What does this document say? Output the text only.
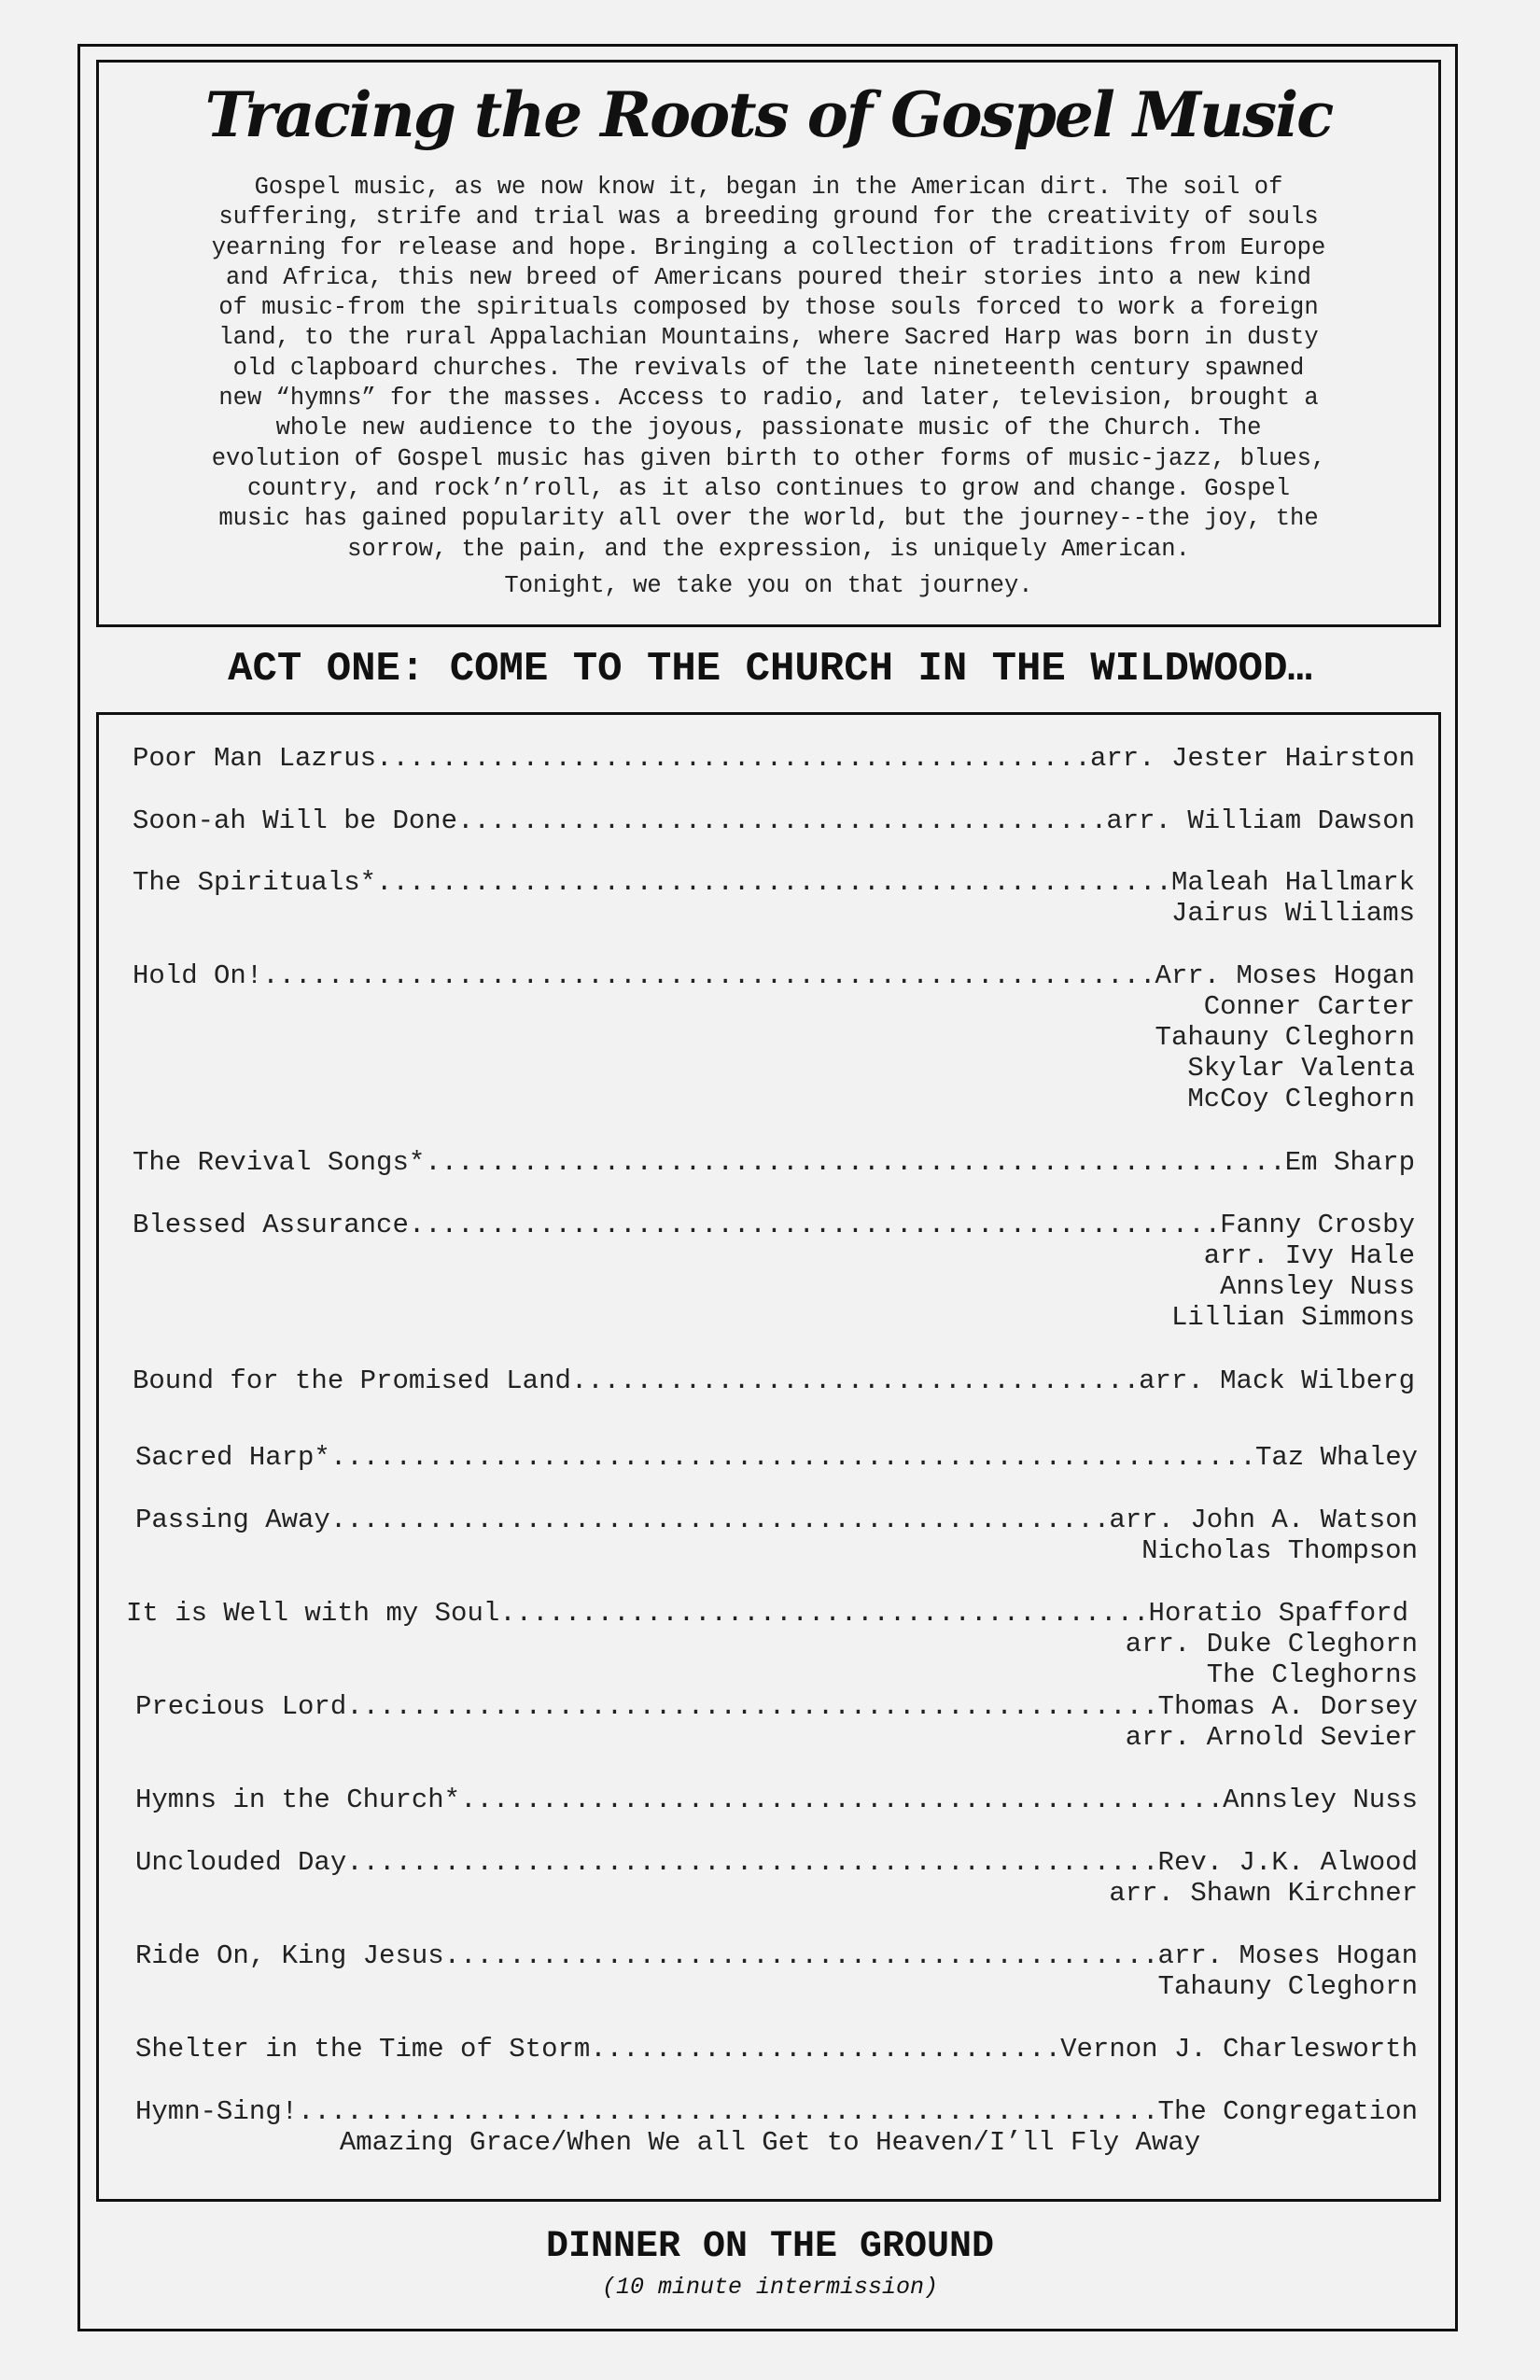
Tracing the Roots of Gospel Music
Gospel music, as we now know it, began in the American dirt. The soil of
suffering, strife and trial was a breeding ground for the creativity of souls
yearning for release and hope. Bringing a collection of traditions from Europe
and Africa, this new breed of Americans poured their stories into a new kind
of music-from the spirituals composed by those souls forced to work a foreign
land, to the rural Appalachian Mountains, where Sacred Harp was born in dusty
old clapboard churches. The revivals of the late nineteenth century spawned
new “hymns” for the masses. Access to radio, and later, television, brought a
whole new audience to the joyous, passionate music of the Church. The
evolution of Gospel music has given birth to other forms of music-jazz, blues,
country, and rock’n’roll, as it also continues to grow and change. Gospel
music has gained popularity all over the world, but the journey--the joy, the
sorrow, the pain, and the expression, is uniquely American.

Tonight, we take you on that journey.

ACT ONE: COME TO THE CHURCH IN THE WILDWOOD…
Poor Man Lazrus .....	arr. Jester Hairston
Soon-ah Will be Done .....	arr. William Dawson
The Spirituals* .....	Maleah Hallmark
Jairus Williams
Hold On! .....	Arr. Moses Hogan
Conner Carter
Tahauny Cleghorn
Skylar Valenta
McCoy Cleghorn
The Revival Songs* .....	Em Sharp
Blessed Assurance .....	Fanny Crosby
arr. Ivy Hale
Annsley Nuss
Lillian Simmons
Bound for the Promised Land .....	arr. Mack Wilberg
Sacred Harp* .....	Taz Whaley
Passing Away .....	arr. John A. Watson
Nicholas Thompson
It is Well with my Soul .....	Horatio Spafford
arr. Duke Cleghorn
The Cleghorns
Precious Lord .....	Thomas A. Dorsey
arr. Arnold Sevier
Hymns in the Church* .....	Annsley Nuss
Unclouded Day .....	Rev. J.K. Alwood
arr. Shawn Kirchner
Ride On, King Jesus .....	arr. Moses Hogan
Tahauny Cleghorn
Shelter in the Time of Storm .....	Vernon J. Charlesworth
Hymn-Sing! .....	The Congregation
Amazing Grace/When We all Get to Heaven/I’ll Fly Away
DINNER ON THE GROUND

(10 minute intermission)
